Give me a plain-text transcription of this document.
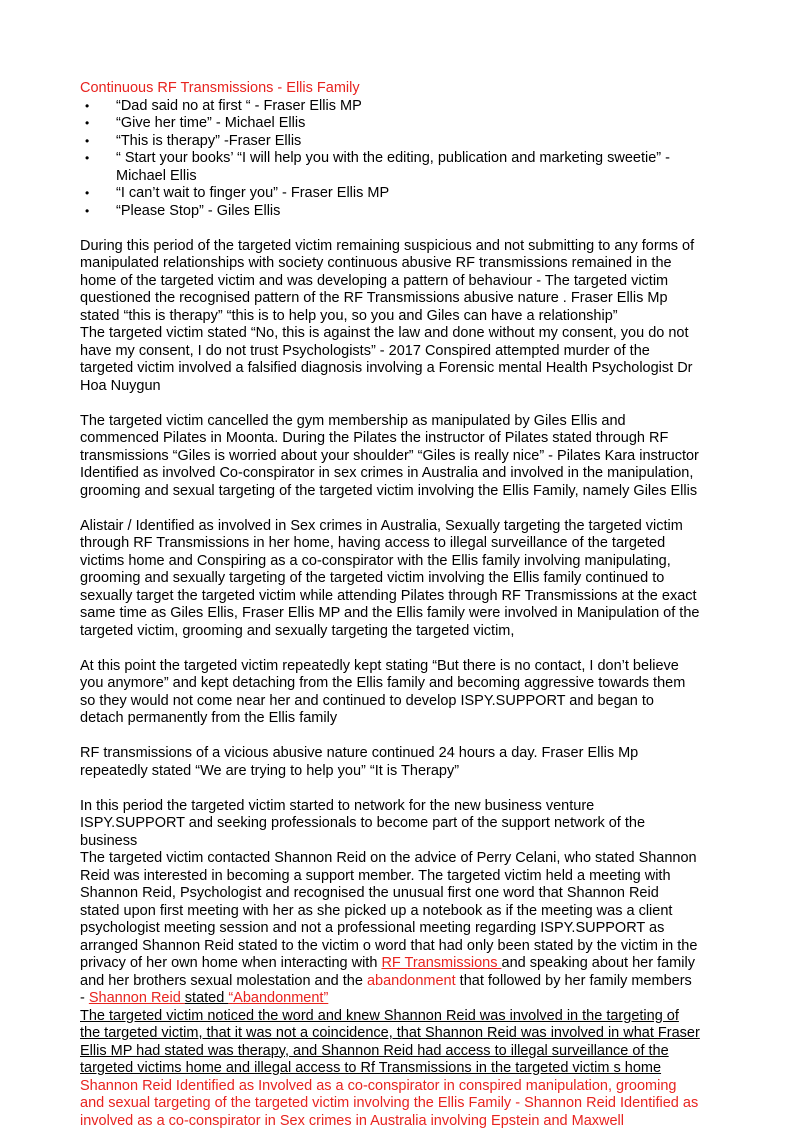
Continuous RF Transmissions - Ellis Family

• “Dad said no at first “ - Fraser Ellis MP
• “Give her time” - Michael Ellis
• “This is therapy” -Fraser Ellis
• “ Start your books’ “I will help you with the editing, publication and marketing sweetie” - Michael Ellis
• “I can’t wait to finger you” - Fraser Ellis MP
• “Please Stop” - Giles Ellis

During this period of the targeted victim remaining suspicious and not submitting to any forms of manipulated relationships with society continuous abusive RF transmissions remained in the home of the targeted victim and was developing a pattern of behaviour - The targeted victim questioned the recognised pattern of the RF Transmissions abusive nature . Fraser Ellis Mp stated “this is therapy” “this is to help you, so you and Giles can have a relationship”

The targeted victim stated “No, this is against the law and done without my consent, you do not have my consent, I do not trust Psychologists” - 2017 Conspired attempted murder of the targeted victim involved a falsified diagnosis involving a Forensic mental Health Psychologist Dr Hoa Nuygun

The targeted victim cancelled the gym membership as manipulated by Giles Ellis and commenced Pilates in Moonta. During the Pilates the instructor of Pilates stated through RF transmissions “Giles is worried about your shoulder” “Giles is really nice” - Pilates Kara instructor Identified as involved Co-conspirator in sex crimes in Australia and involved in the manipulation, grooming and sexual targeting of the targeted victim involving the Ellis Family, namely Giles Ellis

Alistair / Identified as involved in Sex crimes in Australia, Sexually targeting the targeted victim through RF Transmissions in her home, having access to illegal surveillance of the targeted victims home and Conspiring as a co-conspirator with the Ellis family involving manipulating, grooming and sexually targeting of the targeted victim involving the Ellis family continued to sexually target the targeted victim while attending Pilates through RF Transmissions at the exact same time as Giles Ellis, Fraser Ellis MP and the Ellis family were involved in Manipulation of the targeted victim, grooming and sexually targeting the targeted victim,

At this point the targeted victim repeatedly kept stating “But there is no contact, I don’t believe you anymore” and kept detaching from the Ellis family and becoming aggressive towards them so they would not come near her and continued to develop ISPY.SUPPORT and began to detach permanently from the Ellis family

RF transmissions of a vicious abusive nature continued 24 hours a day. Fraser Ellis Mp repeatedly stated “We are trying to help you” “It is Therapy”

In this period the targeted victim started to network for the new business venture ISPY.SUPPORT and seeking professionals to become part of the support network of the business

The targeted victim contacted Shannon Reid on the advice of Perry Celani, who stated Shannon Reid was interested in becoming a support member. The targeted victim held a meeting with Shannon Reid, Psychologist and recognised the unusual first one word that Shannon Reid stated upon first meeting with her as she picked up a notebook as if the meeting was a client psychologist meeting session and not a professional meeting regarding ISPY.SUPPORT as arranged Shannon Reid stated to the victim o word that had only been stated by the victim in the privacy of her own home when interacting with RF Transmissions and speaking about her family and her brothers sexual molestation and the abandonment that followed by her family members - Shannon Reid stated “Abandonment”

The targeted victim noticed the word and knew Shannon Reid was involved in the targeting of the targeted victim, that it was not a coincidence, that Shannon Reid was involved in what Fraser Ellis MP had stated was therapy, and Shannon Reid had access to illegal surveillance of the targeted victims home and illegal access to Rf Transmissions in the targeted victim s home

Shannon Reid Identified as Involved as a co-conspirator in conspired manipulation, grooming and sexual targeting of the targeted victim involving the Ellis Family - Shannon Reid Identified as involved as a co-conspirator in Sex crimes in Australia involving Epstein and Maxwell
